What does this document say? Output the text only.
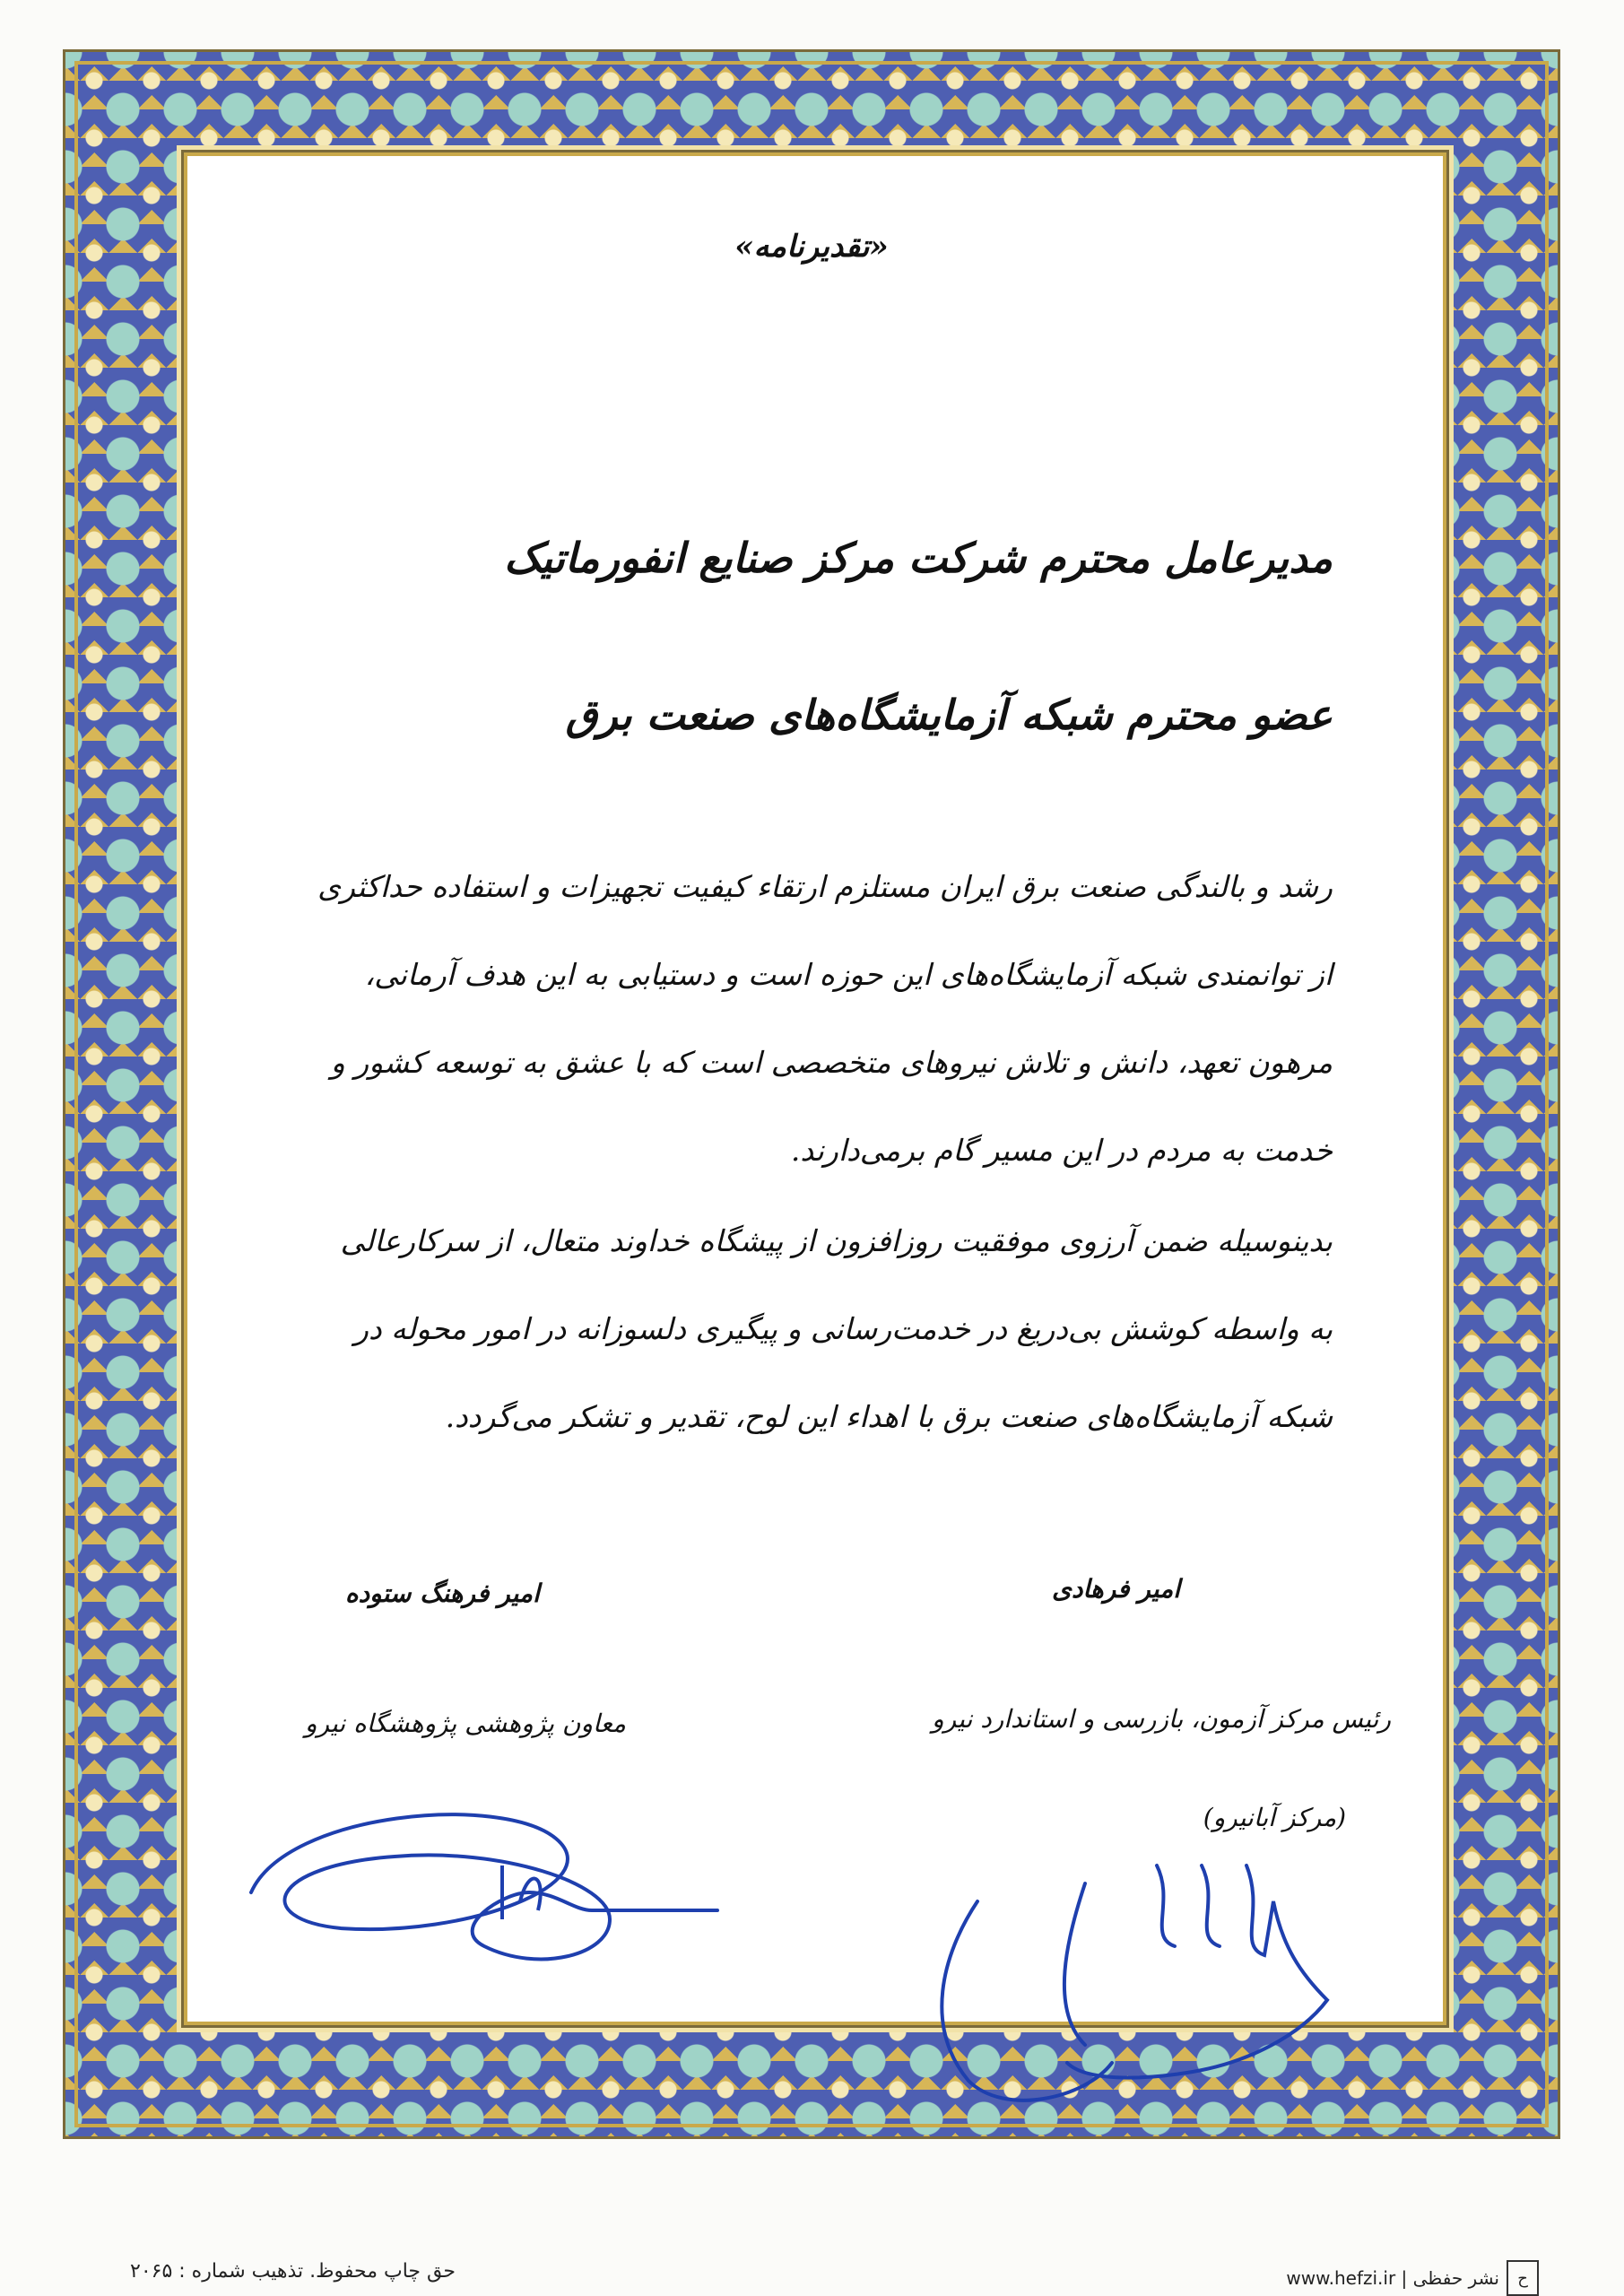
«تقدیرنامه»
مدیرعامل محترم شرکت مرکز صنایع انفورماتیک
عضو محترم شبکه آزمایشگاه‌های صنعت برق
رشد و بالندگی صنعت برق ایران مستلزم ارتقاء کیفیت تجهیزات و استفاده حداکثری از توانمندی شبکه آزمایشگاه‌های این حوزه است و دستیابی به این هدف آرمانی، مرهون تعهد، دانش و تلاش نیروهای متخصصی است که با عشق به توسعه کشور و خدمت به مردم در این مسیر گام برمی‌دارند.
بدینوسیله ضمن آرزوی موفقیت روزافزون از پیشگاه خداوند متعال، از سرکارعالی به واسطه کوشش بی‌دریغ در خدمت‌رسانی و پیگیری دلسوزانه در امور محوله در شبکه آزمایشگاه‌های صنعت برق با اهداء این لوح، تقدیر و تشکر می‌گردد.
امیر فرهادی
رئیس مرکز آزمون، بازرسی و استاندارد نیرو
(مرکز آبانیرو)
امیر فرهنگ ستوده
معاون پژوهشی پژوهشگاه نیرو
حق چاپ محفوظ. تذهیب شماره : ۲۰۶۵	www.hefzi.ir | نشر حفظی	ح
